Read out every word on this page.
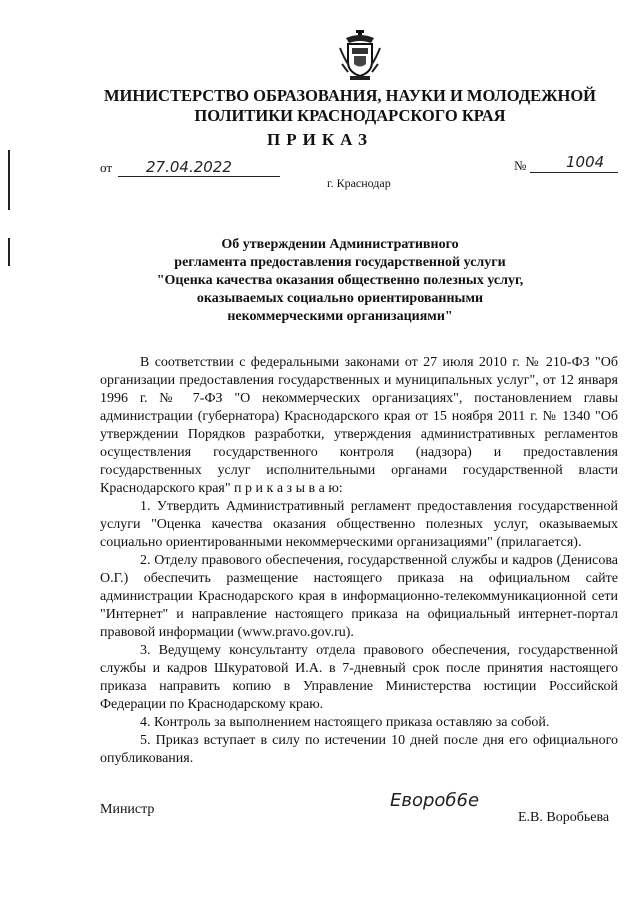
МИНИСТЕРСТВО ОБРАЗОВАНИЯ, НАУКИ И МОЛОДЕЖНОЙ
ПОЛИТИКИ КРАСНОДАРСКОГО КРАЯ
ПРИКАЗ
от 27.04.2022	№	1004
г. Краснодар
Об утверждении Административного
регламента предоставления государственной услуги
"Оценка качества оказания общественно полезных услуг,
оказываемых социально ориентированными
некоммерческими организациями"

В соответствии с федеральными законами от 27 июля 2010 г. № 210-ФЗ "Об организации предоставления государственных и муниципальных услуг", от 12 января 1996 г. № 7-ФЗ "О некоммерческих организациях", постановлением главы администрации (губернатора) Краснодарского края от 15 ноября 2011 г. № 1340 "Об утверждении Порядков разработки, утверждения административных регламентов осуществления государственного контроля (надзора) и предоставления государственных услуг исполнительными органами государственной власти Краснодарского края" п р и к а з ы в а ю:

1. Утвердить Административный регламент предоставления государственной услуги "Оценка качества оказания общественно полезных услуг, оказываемых социально ориентированными некоммерческими организациями" (прилагается).

2. Отделу правового обеспечения, государственной службы и кадров (Денисова О.Г.) обеспечить размещение настоящего приказа на официальном сайте администрации Краснодарского края в информационно-телекоммуникационной сети "Интернет" и направление настоящего приказа на официальный интернет-портал правовой информации (www.pravo.gov.ru).

3. Ведущему консультанту отдела правового обеспечения, государственной службы и кадров Шкуратовой И.А. в 7-дневный срок после принятия настоящего приказа направить копию в Управление Министерства юстиции Российской Федерации по Краснодарскому краю.

4. Контроль за выполнением настоящего приказа оставляю за собой.

5. Приказ вступает в силу по истечении 10 дней после дня его официального опубликования.

Министр	Евороб6е
Е.В. Воробьева
